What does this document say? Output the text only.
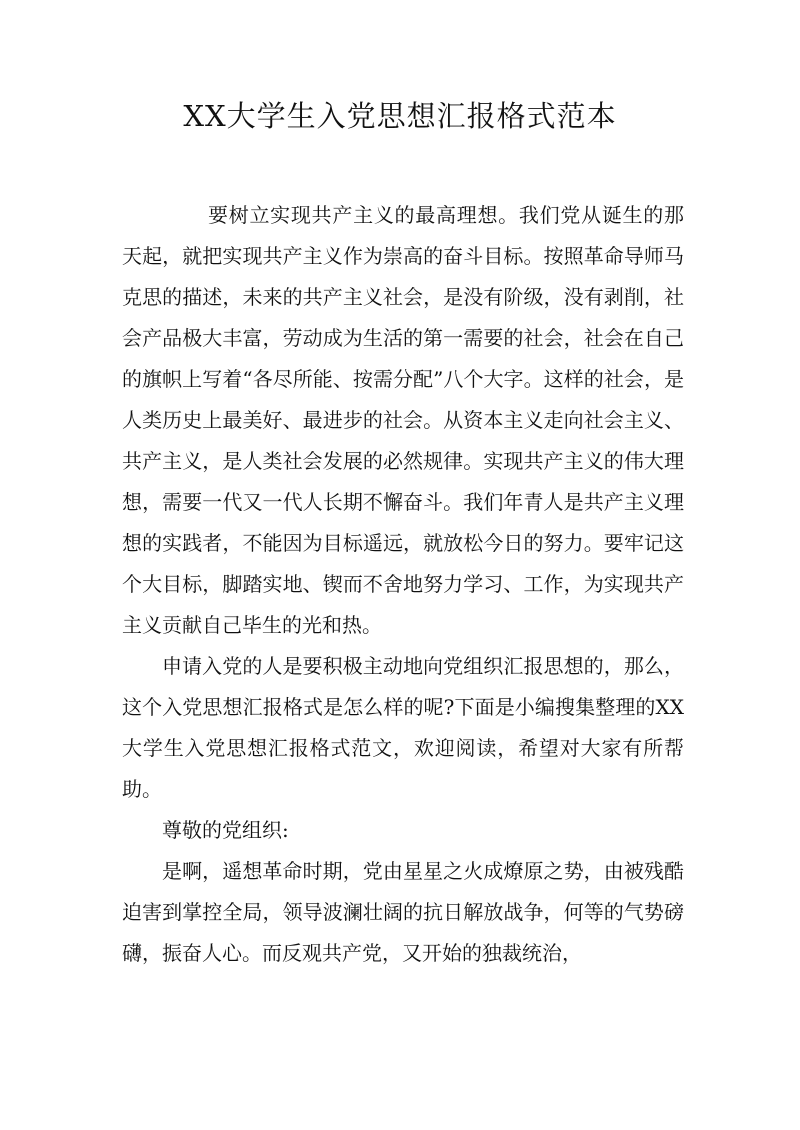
XX大学生入党思想汇报格式范本

要树立实现共产主义的最高理想。我们党从诞生的那天起，就把实现共产主义作为崇高的奋斗目标。按照革命导师马克思的描述，未来的共产主义社会，是没有阶级，没有剥削，社会产品极大丰富，劳动成为生活的第一需要的社会，社会在自己的旗帜上写着“各尽所能、按需分配”八个大字。这样的社会，是人类历史上最美好、最进步的社会。从资本主义走向社会主义、共产主义，是人类社会发展的必然规律。实现共产主义的伟大理想，需要一代又一代人长期不懈奋斗。我们年青人是共产主义理想的实践者，不能因为目标遥远，就放松今日的努力。要牢记这个大目标，脚踏实地、锲而不舍地努力学习、工作，为实现共产主义贡献自己毕生的光和热。

申请入党的人是要积极主动地向党组织汇报思想的，那么，这个入党思想汇报格式是怎么样的呢?下面是小编搜集整理的XX大学生入党思想汇报格式范文，欢迎阅读，希望对大家有所帮助。

尊敬的党组织:

是啊，遥想革命时期，党由星星之火成燎原之势，由被残酷迫害到掌控全局，领导波澜壮阔的抗日解放战争，何等的气势磅礴，振奋人心。而反观共产党，又开始的独裁统治，
